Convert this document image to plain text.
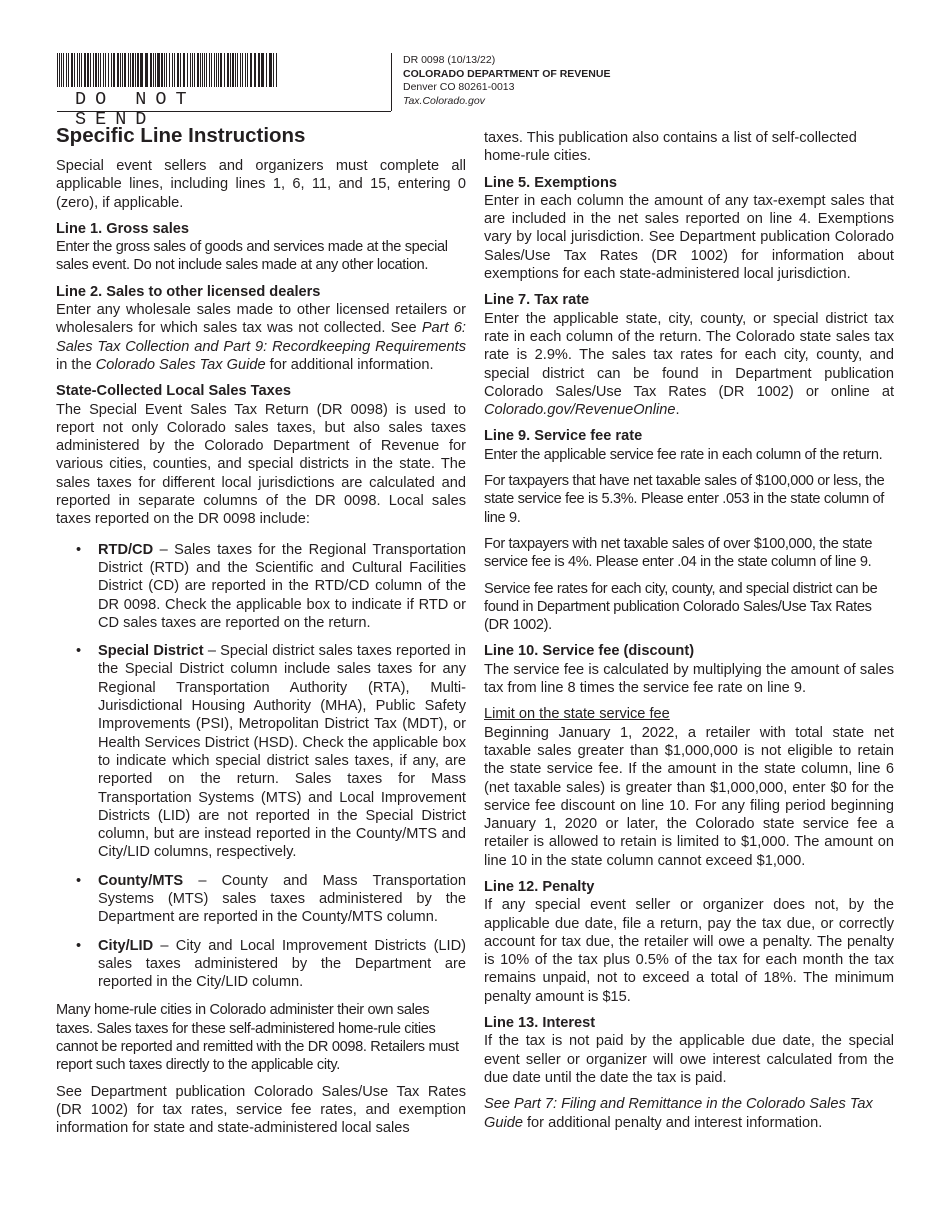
DO NOT SEND
DR 0098 (10/13/22)
COLORADO DEPARTMENT OF REVENUE
Denver CO 80261-0013
Tax.Colorado.gov
Specific Line Instructions

Special event sellers and organizers must complete all applicable lines, including lines 1, 6, 11, and 15, entering 0 (zero), if applicable.

Line 1. Gross sales

Enter the gross sales of goods and services made at the special sales event. Do not include sales made at any other location.

Line 2. Sales to other licensed dealers

Enter any wholesale sales made to other licensed retailers or wholesalers for which sales tax was not collected. See Part 6: Sales Tax Collection and Part 9: Recordkeeping Requirements in the Colorado Sales Tax Guide for additional information.

State-Collected Local Sales Taxes

The Special Event Sales Tax Return (DR 0098) is used to report not only Colorado sales taxes, but also sales taxes administered by the Colorado Department of Revenue for various cities, counties, and special districts in the state. The sales taxes for different local jurisdictions are calculated and reported in separate columns of the DR 0098. Local sales taxes reported on the DR 0098 include:

• RTD/CD – Sales taxes for the Regional Transportation District (RTD) and the Scientific and Cultural Facilities District (CD) are reported in the RTD/CD column of the DR 0098. Check the applicable box to indicate if RTD or CD sales taxes are reported on the return.
• Special District – Special district sales taxes reported in the Special District column include sales taxes for any Regional Transportation Authority (RTA), Multi-Jurisdictional Housing Authority (MHA), Public Safety Improvements (PSI), Metropolitan District Tax (MDT), or Health Services District (HSD). Check the applicable box to indicate which special district sales taxes, if any, are reported on the return. Sales taxes for Mass Transportation Systems (MTS) and Local Improvement Districts (LID) are not reported in the Special District column, but are instead reported in the County/MTS and City/LID columns, respectively.
• County/MTS – County and Mass Transportation Systems (MTS) sales taxes administered by the Department are reported in the County/MTS column.
• City/LID – City and Local Improvement Districts (LID) sales taxes administered by the Department are reported in the City/LID column.

Many home-rule cities in Colorado administer their own sales taxes. Sales taxes for these self-administered home-rule cities cannot be reported and remitted with the DR 0098. Retailers must report such taxes directly to the applicable city.

See Department publication Colorado Sales/Use Tax Rates (DR 1002) for tax rates, service fee rates, and exemption information for state and state-administered local sales

taxes. This publication also contains a list of self-collected home-rule cities.

Line 5. Exemptions

Enter in each column the amount of any tax-exempt sales that are included in the net sales reported on line 4. Exemptions vary by local jurisdiction. See Department publication Colorado Sales/Use Tax Rates (DR 1002) for information about exemptions for each state-administered local jurisdiction.

Line 7. Tax rate

Enter the applicable state, city, county, or special district tax rate in each column of the return. The Colorado state sales tax rate is 2.9%. The sales tax rates for each city, county, and special district can be found in Department publication Colorado Sales/Use Tax Rates (DR 1002) or online at Colorado.gov/RevenueOnline.

Line 9. Service fee rate

Enter the applicable service fee rate in each column of the return.

For taxpayers that have net taxable sales of $100,000 or less, the state service fee is 5.3%. Please enter .053 in the state column of line 9.

For taxpayers with net taxable sales of over $100,000, the state service fee is 4%. Please enter .04 in the state column of line 9.

Service fee rates for each city, county, and special district can be found in Department publication Colorado Sales/Use Tax Rates (DR 1002).

Line 10. Service fee (discount)

The service fee is calculated by multiplying the amount of sales tax from line 8 times the service fee rate on line 9.

Limit on the state service fee

Beginning January 1, 2022, a retailer with total state net taxable sales greater than $1,000,000 is not eligible to retain the state service fee. If the amount in the state column, line 6 (net taxable sales) is greater than $1,000,000, enter $0 for the service fee discount on line 10. For any filing period beginning January 1, 2020 or later, the Colorado state service fee a retailer is allowed to retain is limited to $1,000. The amount on line 10 in the state column cannot exceed $1,000.

Line 12. Penalty

If any special event seller or organizer does not, by the applicable due date, file a return, pay the tax due, or correctly account for tax due, the retailer will owe a penalty. The penalty is 10% of the tax plus 0.5% of the tax for each month the tax remains unpaid, not to exceed a total of 18%. The minimum penalty amount is $15.

Line 13. Interest

If the tax is not paid by the applicable due date, the special event seller or organizer will owe interest calculated from the due date until the date the tax is paid.

See Part 7: Filing and Remittance in the Colorado Sales Tax Guide for additional penalty and interest information.
